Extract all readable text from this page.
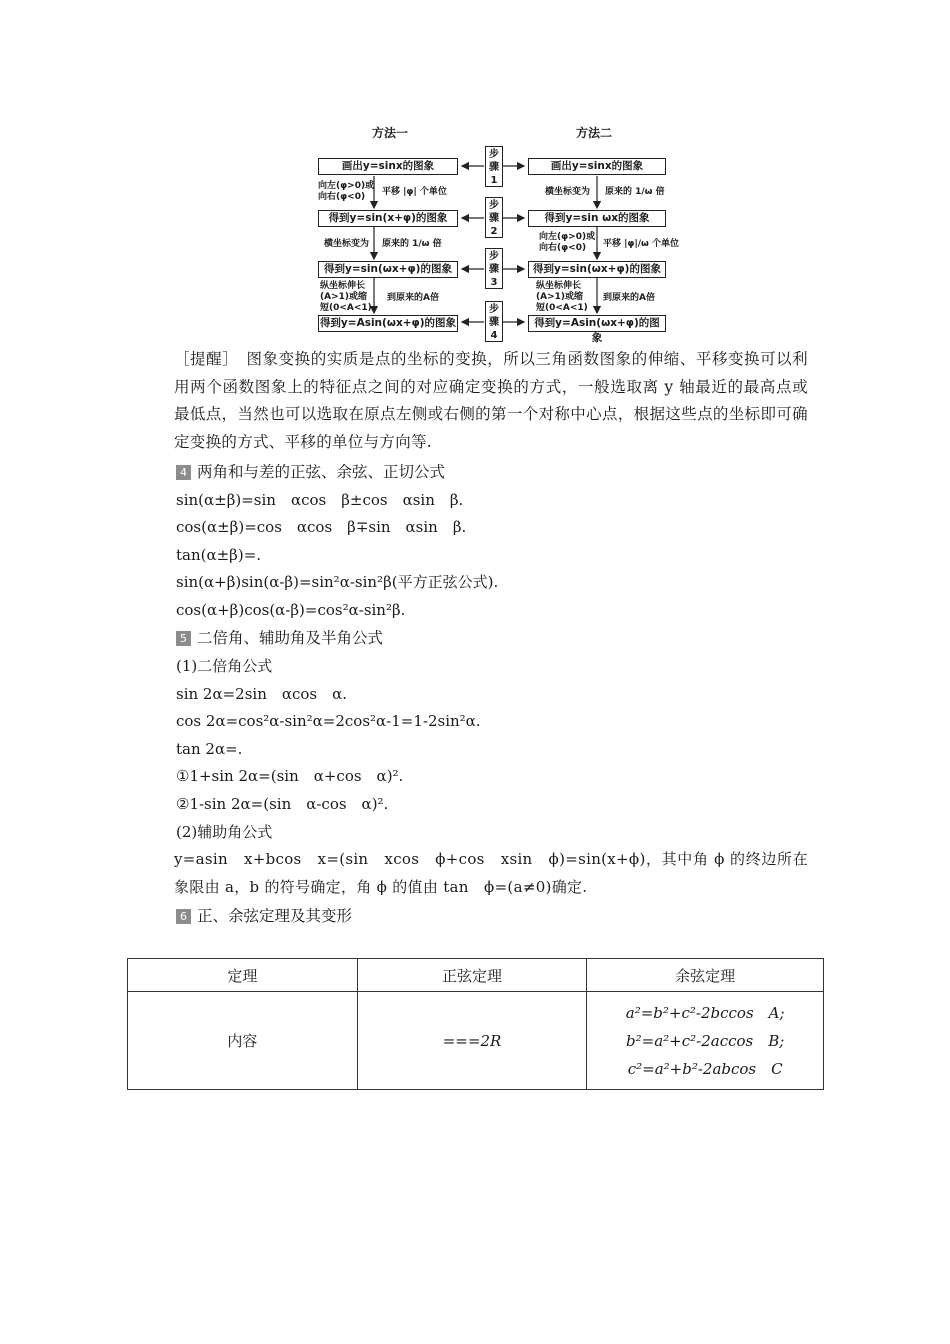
方法一	方法二
画出y=sinx的图象
得到y=sin(x+φ)的图象
得到y=sin(ωx+φ)的图象
得到y=Asin(ωx+φ)的图象
画出y=sinx的图象
得到y=sin ωx的图象
得到y=sin(ωx+φ)的图象
得到y=Asin(ωx+φ)的图象
步
骤
1
步
骤
2
步
骤
3
步
骤
4
向左(φ>0)或
向右(φ<0)	平移 |φ| 个单位
横坐标变为 原来的 1/ω 倍
纵坐标伸长
(A>1)或缩
短(0<A<1)
到原来的A倍
横坐标变为 原来的 1/ω 倍
向左(φ>0)或
向右(φ<0)	平移 |φ|/ω 个单位
纵坐标伸长
(A>1)或缩
短(0<A<1)
到原来的A倍
［提醒］　图象变换的实质是点的坐标的变换，所以三角函数图象的伸缩、平移变换可以利用两个函数图象上的特征点之间的对应确定变换的方式，一般选取离 y 轴最近的最高点或最低点，当然也可以选取在原点左侧或右侧的第一个对称中心点，根据这些点的坐标即可确定变换的方式、平移的单位与方向等.
4 两角和与差的正弦、余弦、正切公式
sin(α±β)=sin　αcos　β±cos　αsin　β.
cos(α±β)=cos　αcos　β∓sin　αsin　β.
tan(α±β)=.
sin(α+β)sin(α-β)=sin²α-sin²β(平方正弦公式).
cos(α+β)cos(α-β)=cos²α-sin²β.
5 二倍角、辅助角及半角公式
(1)二倍角公式
sin 2α=2sin　αcos　α.
cos 2α=cos²α-sin²α=2cos²α-1=1-2sin²α.
tan 2α=.
①1+sin 2α=(sin　α+cos　α)².
②1-sin 2α=(sin　α-cos　α)².
(2)辅助角公式
y=asin　x+bcos　x=(sin　xcos　ϕ+cos　xsin　ϕ)=sin(x+ϕ)，其中角 ϕ 的终边所在象限由 a，b 的符号确定，角 ϕ 的值由 tan　ϕ=(a≠0)确定.
6 正、余弦定理及其变形
定理	正弦定理	余弦定理
内容	===2R	a²=b²+c²-2bccos　A;
b²=a²+c²-2accos　B;
c²=a²+b²-2abcos　C
